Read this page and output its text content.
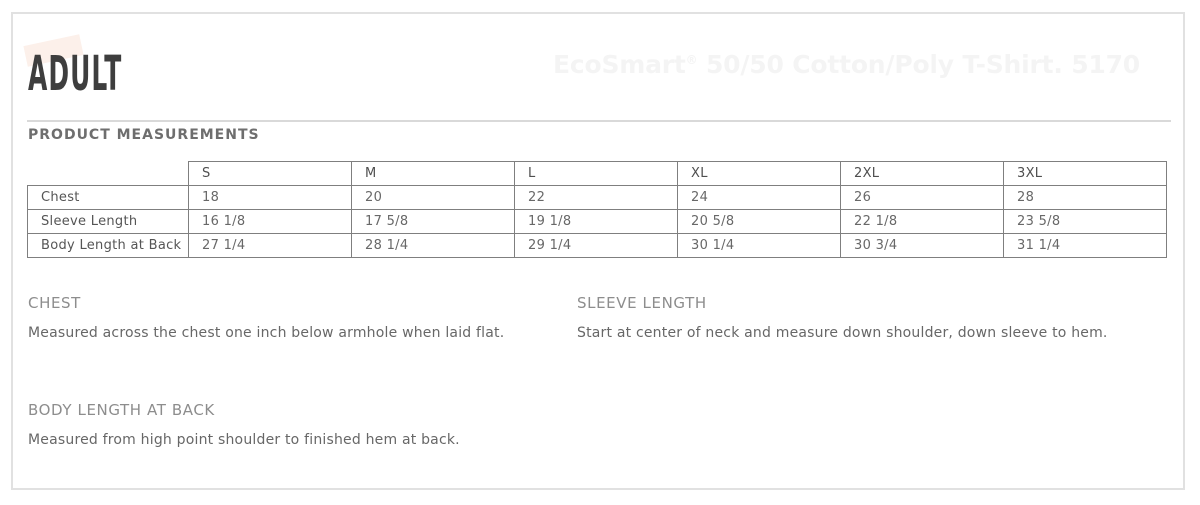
ADULT	EcoSmart® 50/50 Cotton/Poly T-Shirt. 5170
PRODUCT MEASUREMENTS
	S	M	L	XL	2XL	3XL
Chest	18	20	22	24	26	28
Sleeve Length	16 1/8	17 5/8	19 1/8	20 5/8	22 1/8	23 5/8
Body Length at Back	27 1/4	28 1/4	29 1/4	30 1/4	30 3/4	31 1/4
CHEST
Measured across the chest one inch below armhole when laid flat.
SLEEVE LENGTH
Start at center of neck and measure down shoulder, down sleeve to hem.
BODY LENGTH AT BACK
Measured from high point shoulder to finished hem at back.
